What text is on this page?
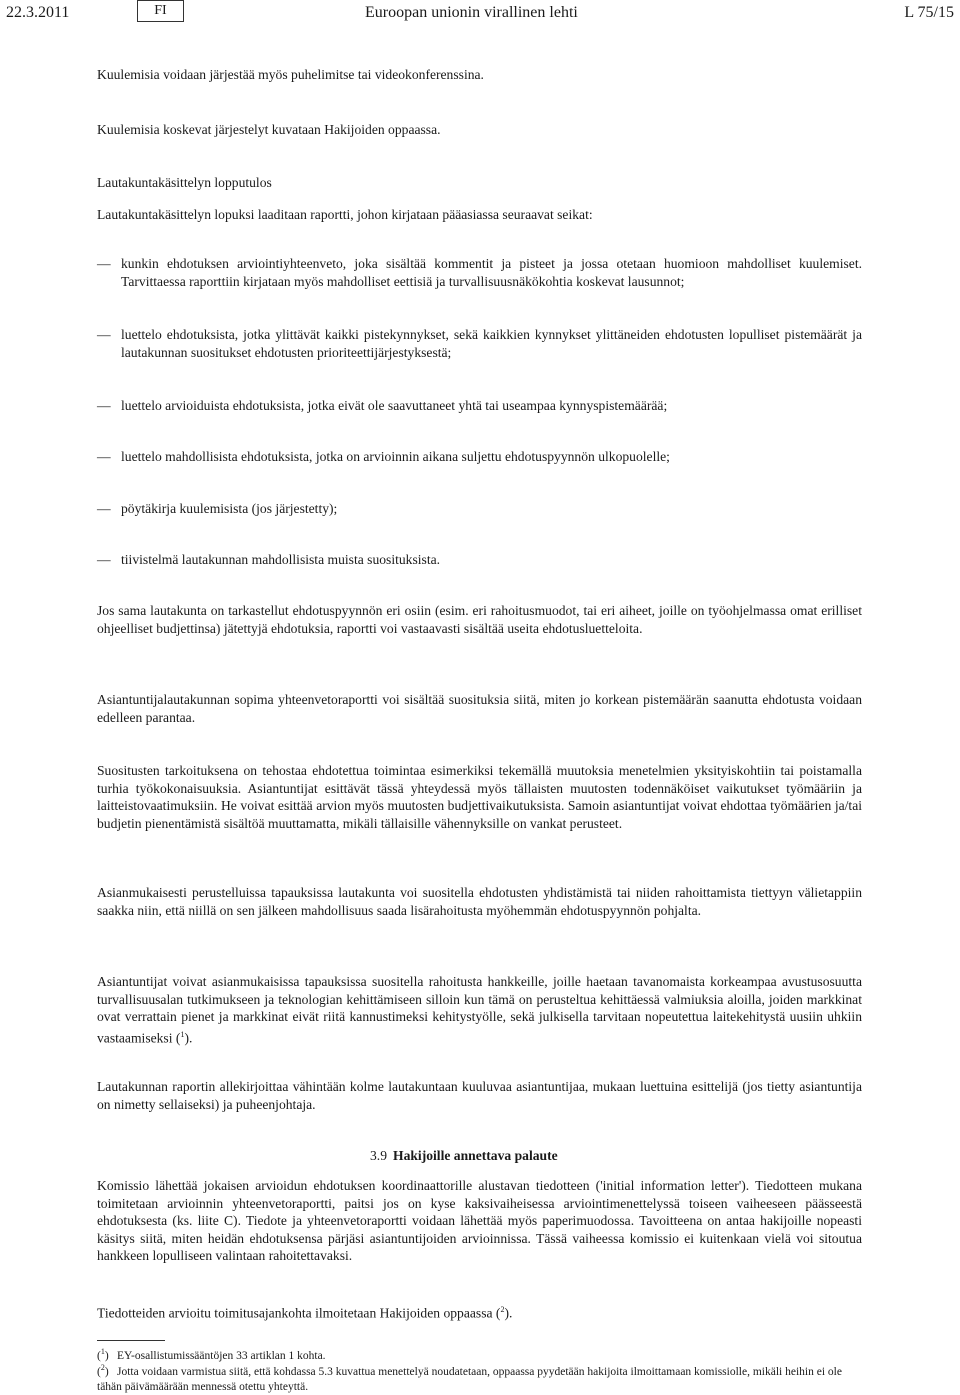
22.3.2011	FI	Euroopan unionin virallinen lehti	L 75/15

Kuulemisia voidaan järjestää myös puhelimitse tai videokonferenssina.

Kuulemisia koskevat järjestelyt kuvataan Hakijoiden oppaassa.

Lautakuntakäsittelyn lopputulos

Lautakuntakäsittelyn lopuksi laaditaan raportti, johon kirjataan pääasiassa seuraavat seikat:

— kunkin ehdotuksen arviointiyhteenveto, joka sisältää kommentit ja pisteet ja jossa otetaan huomioon mahdolliset kuulemiset. Tarvittaessa raporttiin kirjataan myös mahdolliset eettisiä ja turvallisuusnäkökohtia koskevat lausunnot;
— luettelo ehdotuksista, jotka ylittävät kaikki pistekynnykset, sekä kaikkien kynnykset ylittäneiden ehdotusten lopulliset pistemäärät ja lautakunnan suositukset ehdotusten prioriteettijärjestyksestä;
— luettelo arvioiduista ehdotuksista, jotka eivät ole saavuttaneet yhtä tai useampaa kynnyspistemäärää;
— luettelo mahdollisista ehdotuksista, jotka on arvioinnin aikana suljettu ehdotuspyynnön ulkopuolelle;
— pöytäkirja kuulemisista (jos järjestetty);
— tiivistelmä lautakunnan mahdollisista muista suosituksista.

Jos sama lautakunta on tarkastellut ehdotuspyynnön eri osiin (esim. eri rahoitusmuodot, tai eri aiheet, joille on työohjelmassa omat erilliset ohjeelliset budjettinsa) jätettyjä ehdotuksia, raportti voi vastaavasti sisältää useita ehdotusluetteloita.

Asiantuntijalautakunnan sopima yhteenvetoraportti voi sisältää suosituksia siitä, miten jo korkean pistemäärän saanutta ehdotusta voidaan edelleen parantaa.

Suositusten tarkoituksena on tehostaa ehdotettua toimintaa esimerkiksi tekemällä muutoksia menetelmien yksityiskohtiin tai poistamalla turhia työkokonaisuuksia. Asiantuntijat esittävät tässä yhteydessä myös tällaisten muutosten todennäköiset vaikutukset työmääriin ja laitteistovaatimuksiin. He voivat esittää arvion myös muutosten budjettivaikutuksista. Samoin asiantuntijat voivat ehdottaa työmäärien ja/tai budjetin pienentämistä sisältöä muuttamatta, mikäli tällaisille vähennyksille on vankat perusteet.

Asianmukaisesti perustelluissa tapauksissa lautakunta voi suositella ehdotusten yhdistämistä tai niiden rahoittamista tiettyyn välietappiin saakka niin, että niillä on sen jälkeen mahdollisuus saada lisärahoitusta myöhemmän ehdotuspyynnön pohjalta.

Asiantuntijat voivat asianmukaisissa tapauksissa suositella rahoitusta hankkeille, joille haetaan tavanomaista korkeampaa avustusosuutta turvallisuusalan tutkimukseen ja teknologian kehittämiseen silloin kun tämä on perusteltua kehittäessä valmiuksia aloilla, joiden markkinat ovat verrattain pienet ja markkinat eivät riitä kannustimeksi kehitystyölle, sekä julkisella tarvitaan nopeutettua laitekehitystä uusiin uhkiin vastaamiseksi ($^1$).

Lautakunnan raportin allekirjoittaa vähintään kolme lautakuntaan kuuluvaa asiantuntijaa, mukaan luettuina esittelijä (jos tietty asiantuntija on nimetty sellaiseksi) ja puheenjohtaja.

3.9 Hakijoille annettava palaute

Komissio lähettää jokaisen arvioidun ehdotuksen koordinaattorille alustavan tiedotteen ('initial information letter'). Tiedotteen mukana toimitetaan arvioinnin yhteenvetoraportti, paitsi jos on kyse kaksivaiheisessa arviointimenettelyssä toiseen vaiheeseen päässeestä ehdotuksesta (ks. liite C). Tiedote ja yhteenvetoraportti voidaan lähettää myös paperimuodossa. Tavoitteena on antaa hakijoille nopeasti käsitys siitä, miten heidän ehdotuksensa pärjäsi asiantuntijoiden arvioinnissa. Tässä vaiheessa komissio ei kuitenkaan vielä voi sitoutua hankkeen lopulliseen valintaan rahoitettavaksi.

Tiedotteiden arvioitu toimitusajankohta ilmoitetaan Hakijoiden oppaassa ($^2$).

($^1$) EY-osallistumissääntöjen 33 artiklan 1 kohta.
($^2$) Jotta voidaan varmistua siitä, että kohdassa 5.3 kuvattua menettelyä noudatetaan, oppaassa pyydetään hakijoita ilmoittamaan komissiolle, mikäli heihin ei ole tähän päivämäärään mennessä otettu yhteyttä.
